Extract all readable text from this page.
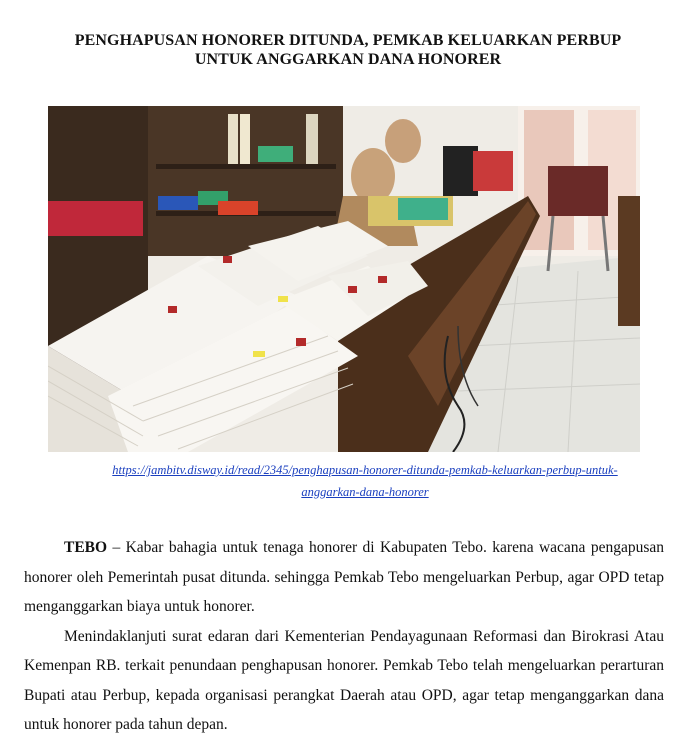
PENGHAPUSAN HONORER DITUNDA, PEMKAB KELUARKAN PERBUP
UNTUK ANGGARKAN DANA HONORER
https://jambitv.disway.id/read/2345/penghapusan-honorer-ditunda-pemkab-keluarkan-perbup-untuk-
anggarkan-dana-honorer

TEBO – Kabar bahagia untuk tenaga honorer di Kabupaten Tebo. karena wacana pengapusan honorer oleh Pemerintah pusat ditunda. sehingga Pemkab Tebo mengeluarkan Perbup, agar OPD tetap menganggarkan biaya untuk honorer.

Menindaklanjuti surat edaran dari Kementerian Pendayagunaan Reformasi dan Birokrasi Atau Kemenpan RB. terkait penundaan penghapusan honorer. Pemkab Tebo telah mengeluarkan perarturan Bupati atau Perbup, kepada organisasi perangkat Daerah atau OPD, agar tetap menganggarkan dana untuk honorer pada tahun depan.
